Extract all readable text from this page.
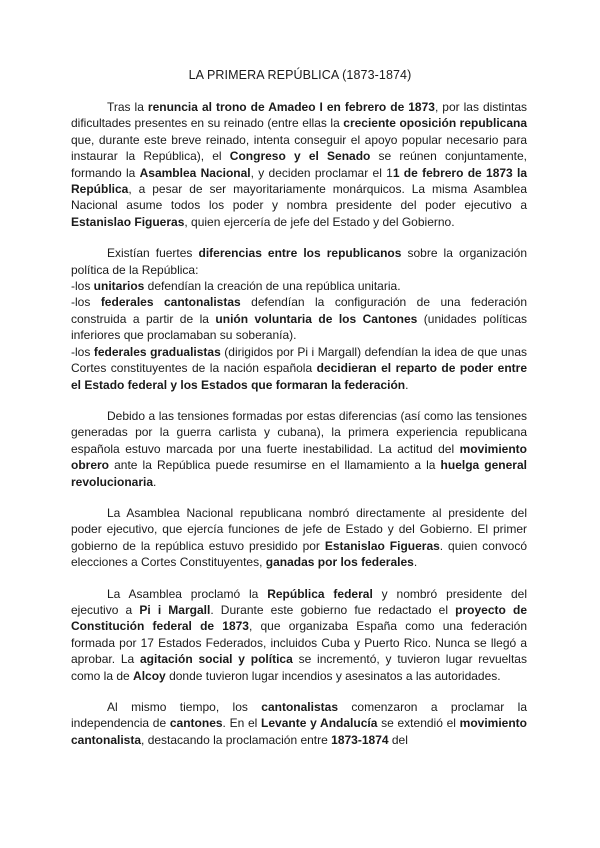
LA PRIMERA REPÚBLICA (1873-1874)

Tras la renuncia al trono de Amadeo I en febrero de 1873, por las distintas dificultades presentes en su reinado (entre ellas la creciente oposición republicana que, durante este breve reinado, intenta conseguir el apoyo popular necesario para instaurar la República), el Congreso y el Senado se reúnen conjuntamente, formando la Asamblea Nacional, y deciden proclamar el 11 de febrero de 1873 la República, a pesar de ser mayoritariamente monárquicos. La misma Asamblea Nacional asume todos los poder y nombra presidente del poder ejecutivo a Estanislao Figueras, quien ejercería de jefe del Estado y del Gobierno.

Existían fuertes diferencias entre los republicanos sobre la organización política de la República:

-los unitarios defendían la creación de una república unitaria.

-los federales cantonalistas defendían la configuración de una federación construida a partir de la unión voluntaria de los Cantones (unidades políticas inferiores que proclamaban su soberanía).

-los federales gradualistas (dirigidos por Pi i Margall) defendían la idea de que unas Cortes constituyentes de la nación española decidieran el reparto de poder entre el Estado federal y los Estados que formaran la federación.

Debido a las tensiones formadas por estas diferencias (así como las tensiones generadas por la guerra carlista y cubana), la primera experiencia republicana española estuvo marcada por una fuerte inestabilidad. La actitud del movimiento obrero ante la República puede resumirse en el llamamiento a la huelga general revolucionaria.

La Asamblea Nacional republicana nombró directamente al presidente del poder ejecutivo, que ejercía funciones de jefe de Estado y del Gobierno. El primer gobierno de la república estuvo presidido por Estanislao Figueras. quien convocó elecciones a Cortes Constituyentes, ganadas por los federales.

La Asamblea proclamó la República federal y nombró presidente del ejecutivo a Pi i Margall. Durante este gobierno fue redactado el proyecto de Constitución federal de 1873, que organizaba España como una federación formada por 17 Estados Federados, incluidos Cuba y Puerto Rico. Nunca se llegó a aprobar. La agitación social y política se incrementó, y tuvieron lugar revueltas como la de Alcoy donde tuvieron lugar incendios y asesinatos a las autoridades.

Al mismo tiempo, los cantonalistas comenzaron a proclamar la independencia de cantones. En el Levante y Andalucía se extendió el movimiento cantonalista, destacando la proclamación entre 1873-1874 del
